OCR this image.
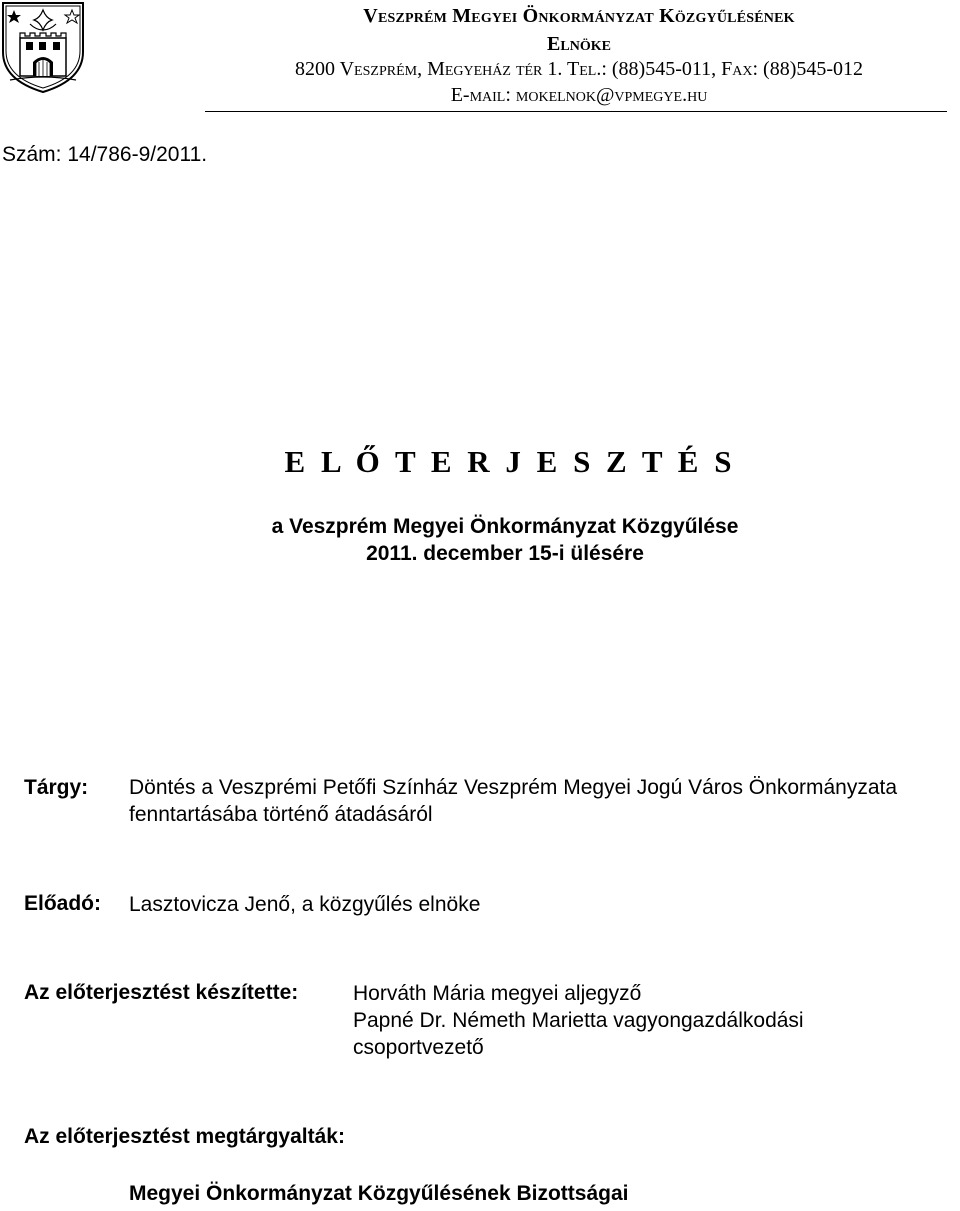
Veszprém Megyei Önkormányzat Közgyűlésének
Elnöke
8200 Veszprém, Megyeház tér 1. Tel.: (88)545-011, Fax: (88)545-012
E-mail: mokelnok@vpmegye.hu
Szám: 14/786-9/2011.
E L Ő T E R J E S Z T É S
a Veszprém Megyei Önkormányzat Közgyűlése
2011. december 15-i ülésére
Tárgy: Döntés a Veszprémi Petőfi Színház Veszprém Megyei Jogú Város Önkormányzata fenntartásába történő átadásáról
Előadó: Lasztovicza Jenő, a közgyűlés elnöke
Az előterjesztést készítette:	Horváth Mária megyei aljegyző
Papné Dr. Németh Marietta vagyongazdálkodási csoportvezető
Az előterjesztést megtárgyalták:
Megyei Önkormányzat Közgyűlésének Bizottságai
